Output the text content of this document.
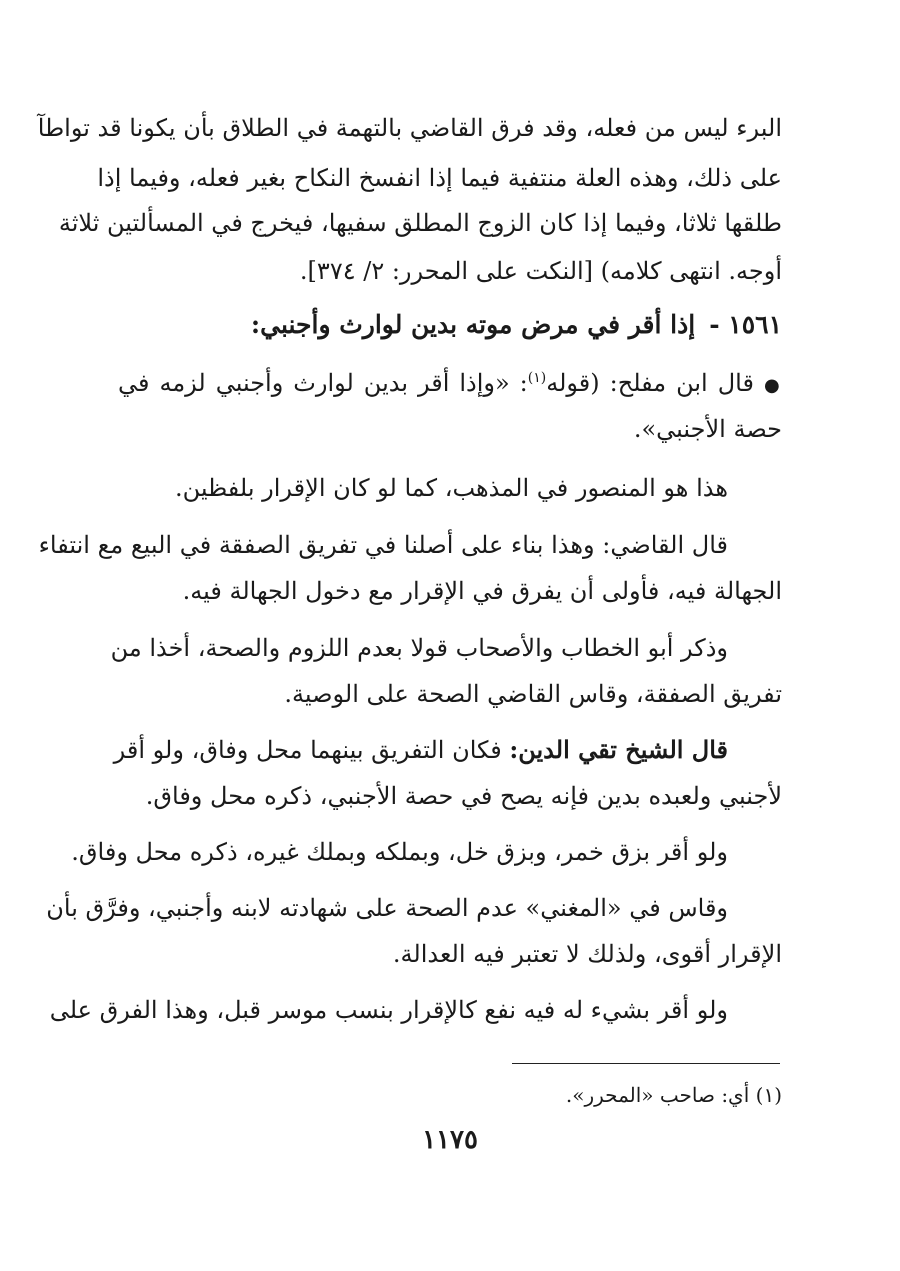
البرء ليس من فعله، وقد فرق القاضي بالتهمة في الطلاق بأن يكونا قد تواطآ
على ذلك، وهذه العلة منتفية فيما إذا انفسخ النكاح بغير فعله، وفيما إذا
طلقها ثلاثا، وفيما إذا كان الزوج المطلق سفيها، فيخرج في المسألتين ثلاثة
أوجه. انتهى كلامه) [النكت على المحرر: ٢/ ٣٧٤].
١٥٦١ -إذا أقر في مرض موته بدين لوارث وأجنبي:
●قال ابن مفلح: (قوله$^{(١)}$: «وإذا أقر بدين لوارث وأجنبي لزمه في
حصة الأجنبي».
هذا هو المنصور في المذهب، كما لو كان الإقرار بلفظين.
قال القاضي: وهذا بناء على أصلنا في تفريق الصفقة في البيع مع انتفاء
الجهالة فيه، فأولى أن يفرق في الإقرار مع دخول الجهالة فيه.
وذكر أبو الخطاب والأصحاب قولا بعدم اللزوم والصحة، أخذا من
تفريق الصفقة، وقاس القاضي الصحة على الوصية.
قال الشيخ تقي الدين: فكان التفريق بينهما محل وفاق، ولو أقر
لأجنبي ولعبده بدين فإنه يصح في حصة الأجنبي، ذكره محل وفاق.
ولو أقر بزق خمر، وبزق خل، وبملكه وبملك غيره، ذكره محل وفاق.
وقاس في «المغني» عدم الصحة على شهادته لابنه وأجنبي، وفرَّق بأن
الإقرار أقوى، ولذلك لا تعتبر فيه العدالة.
ولو أقر بشيء له فيه نفع كالإقرار بنسب موسر قبل، وهذا الفرق على
(١) أي: صاحب «المحرر».
١١٧٥
